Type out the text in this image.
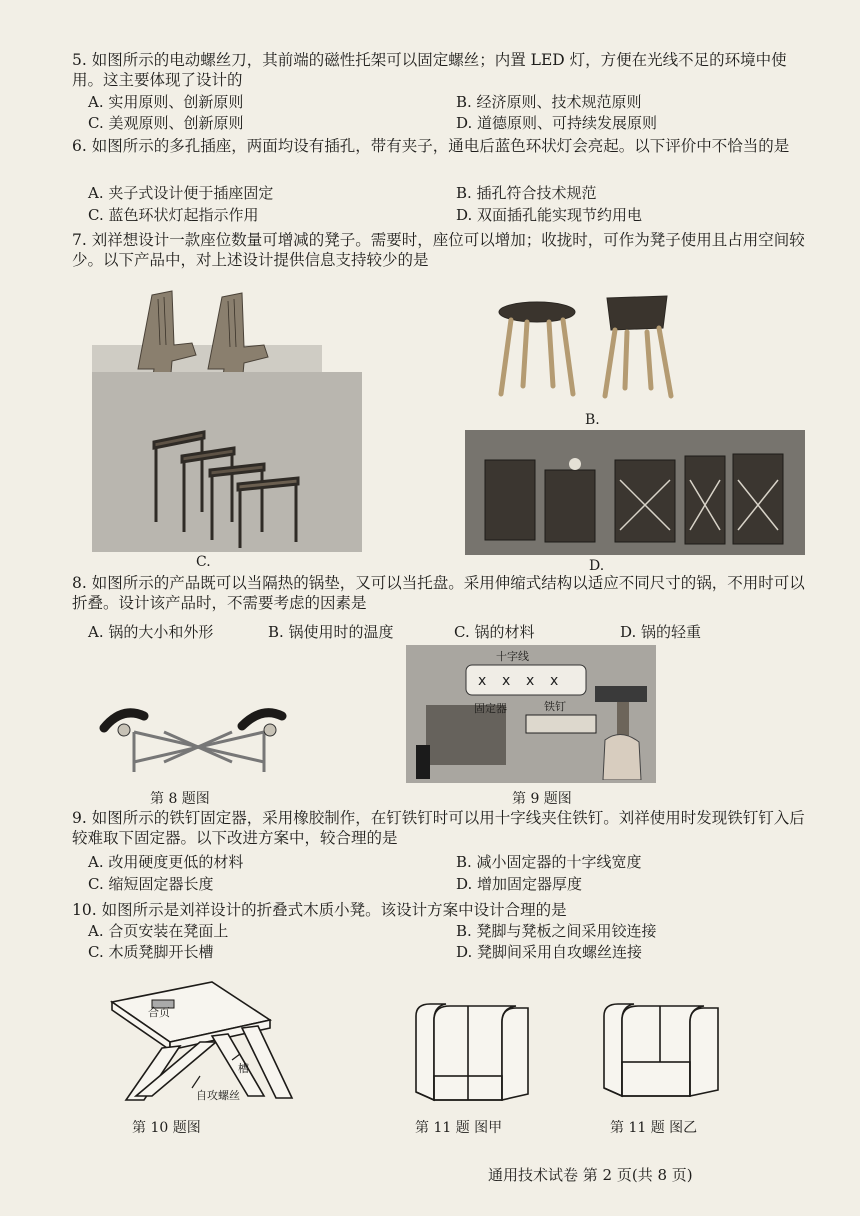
5. 如图所示的电动螺丝刀，其前端的磁性托架可以固定螺丝；内置 LED 灯，方便在光线不足的环境中使用。这主要体现了设计的
A. 实用原则、创新原则	B. 经济原则、技术规范原则
C. 美观原则、创新原则	D. 道德原则、可持续发展原则
6. 如图所示的多孔插座，两面均设有插孔，带有夹子，通电后蓝色环状灯会亮起。以下评价中不恰当的是
A. 夹子式设计便于插座固定	B. 插孔符合技术规范
C. 蓝色环状灯起指示作用	D. 双面插孔能实现节约用电
7. 刘祥想设计一款座位数量可增减的凳子。需要时，座位可以增加；收拢时，可作为凳子使用且占用空间较少。以下产品中，对上述设计提供信息支持较少的是
B.
C.	D.
8. 如图所示的产品既可以当隔热的锅垫，又可以当托盘。采用伸缩式结构以适应不同尺寸的锅，不用时可以折叠。设计该产品时，不需要考虑的因素是
A. 锅的大小和外形	B. 锅使用时的温度	C. 锅的材料	D. 锅的轻重
第 8 题图
x x x x
十字线
固定器	铁钉
第 9 题图
9. 如图所示的铁钉固定器，采用橡胶制作，在钉铁钉时可以用十字线夹住铁钉。刘祥使用时发现铁钉钉入后较难取下固定器。以下改进方案中，较合理的是
A. 改用硬度更低的材料	B. 减小固定器的十字线宽度
C. 缩短固定器长度	D. 增加固定器厚度
10. 如图所示是刘祥设计的折叠式木质小凳。该设计方案中设计合理的是
A. 合页安装在凳面上	B. 凳脚与凳板之间采用铰连接
C. 木质凳脚开长槽	D. 凳脚间采用自攻螺丝连接
合页
槽
自攻螺丝
第 10 题图	第 11 题 图甲	第 11 题 图乙
通用技术试卷 第 2 页(共 8 页)
